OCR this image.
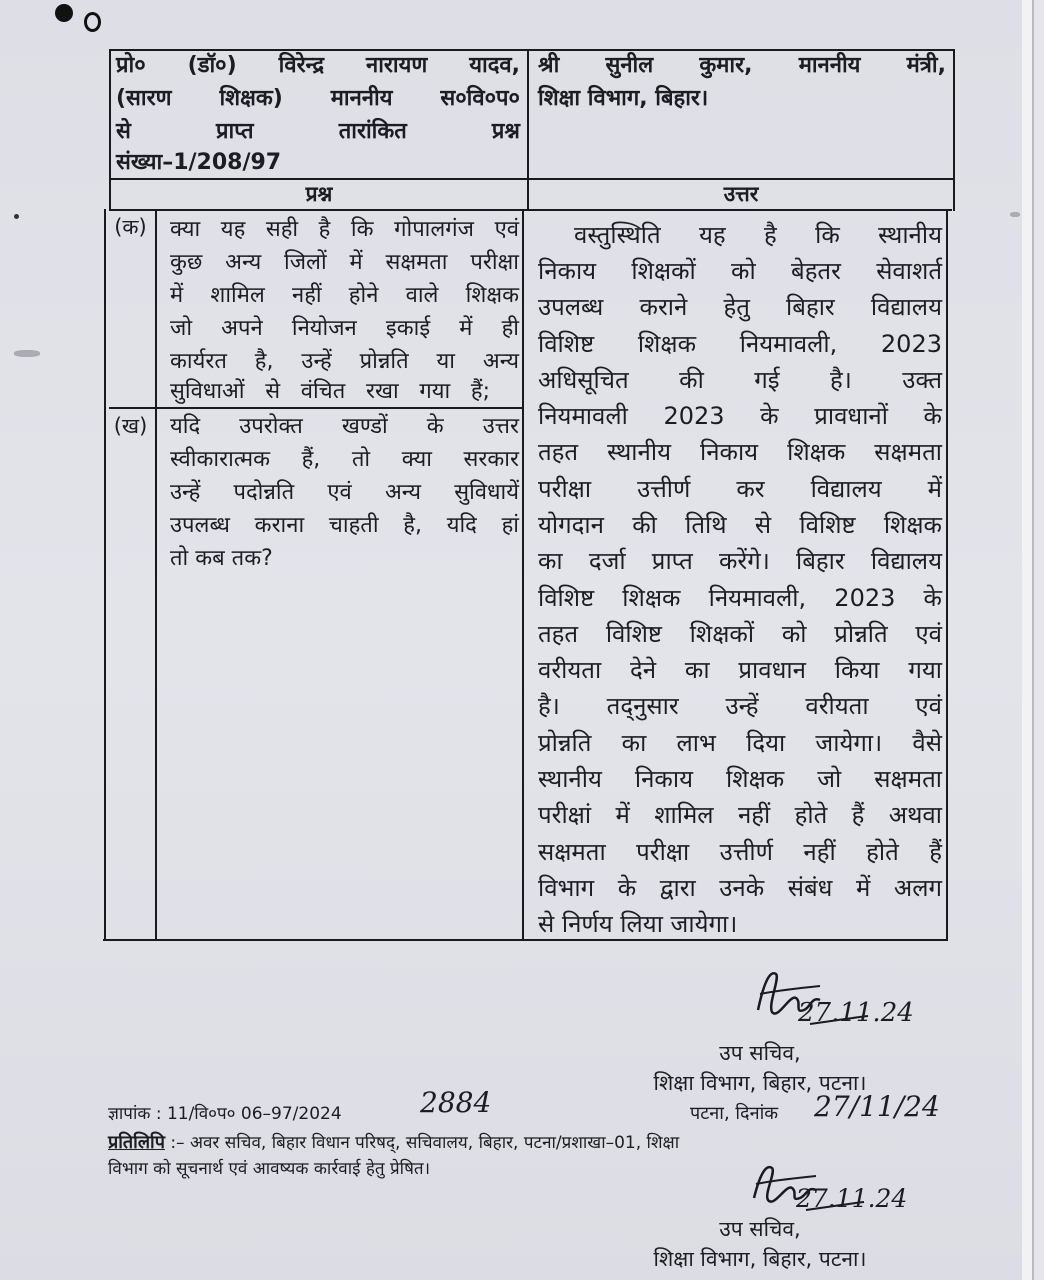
प्रो० (डॉ०) विरेन्द्र नारायण यादव,
(सारण शिक्षक) माननीय स०वि०प०
से प्राप्त तारांकित प्रश्न
संख्या–1/208/97
श्री सुनील कुमार, माननीय मंत्री,
शिक्षा विभाग, बिहार।
प्रश्न	उत्तर
(क)	क्या यह सही है कि गोपालगंज एवं
कुछ अन्य जिलों में सक्षमता परीक्षा
में शामिल नहीं होने वाले शिक्षक
जो अपने नियोजन इकाई में ही
कार्यरत है, उन्हें प्रोन्नति या अन्य
सुविधाओं से वंचित रखा गया हैं;
(ख)	यदि उपरोक्त खण्डों के उत्तर
स्वीकारात्मक हैं, तो क्या सरकार
उन्हें पदोन्नति एवं अन्य सुविधायें
उपलब्ध कराना चाहती है, यदि हां
तो कब तक?
वस्तुस्थिति यह है कि स्थानीय
निकाय शिक्षकों को बेहतर सेवाशर्त
उपलब्ध कराने हेतु बिहार विद्यालय
विशिष्ट शिक्षक नियमावली, 2023
अधिसूचित की गई है। उक्त
नियमावली 2023 के प्रावधानों के
तहत स्थानीय निकाय शिक्षक सक्षमता
परीक्षा उत्तीर्ण कर विद्यालय में
योगदान की तिथि से विशिष्ट शिक्षक
का दर्जा प्राप्त करेंगे। बिहार विद्यालय
विशिष्ट शिक्षक नियमावली, 2023 के
तहत विशिष्ट शिक्षकों को प्रोन्नति एवं
वरीयता देने का प्रावधान किया गया
है। तद्नुसार उन्हें वरीयता एवं
प्रोन्नति का लाभ दिया जायेगा। वैसे
स्थानीय निकाय शिक्षक जो सक्षमता
परीक्षां में शामिल नहीं होते हैं अथवा
सक्षमता परीक्षा उत्तीर्ण नहीं होते हैं
विभाग के द्वारा उनके संबंध में अलग
से निर्णय लिया जायेगा।
27.11.24
उप सचिव,
शिक्षा विभाग, बिहार, पटना।
ज्ञापांक : 11/वि०प० 06–97/2024	2884	पटना, दिनांक	27/11/24
प्रतिलिपि :– अवर सचिव, बिहार विधान परिषद्, सचिवालय, बिहार, पटना/प्रशाखा–01, शिक्षा
विभाग को सूचनार्थ एवं आवष्यक कार्रवाई हेतु प्रेषित।
27.11.24
उप सचिव,
शिक्षा विभाग, बिहार, पटना।
